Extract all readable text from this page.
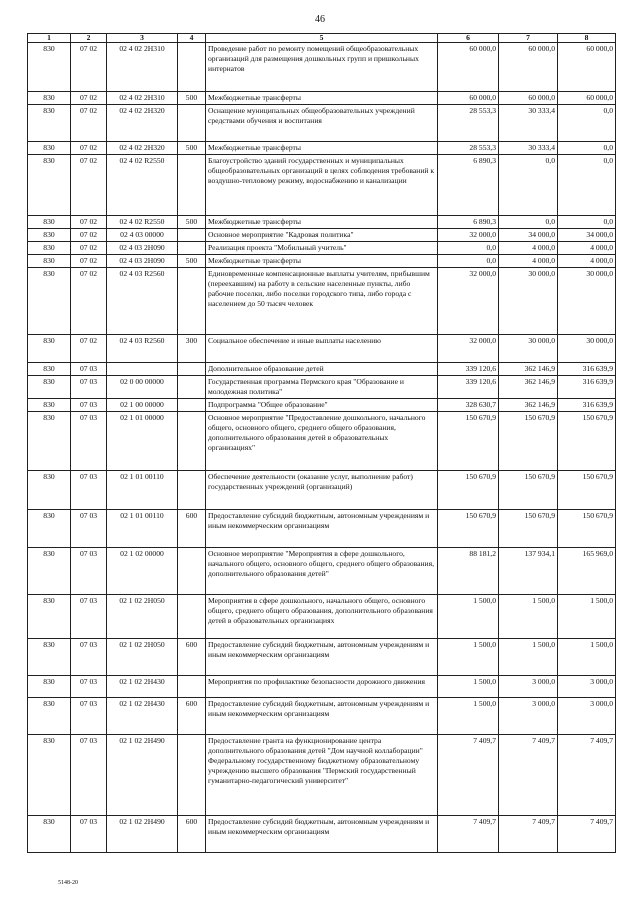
46
1	2	3	4	5	6	7	8
830	07 02	02 4 02 2Н310		Проведение работ по ремонту помещений общеобразовательных организаций для размещения дошкольных групп и пришкольных интернатов	60 000,0	60 000,0	60 000,0
830	07 02	02 4 02 2Н310	500	Межбюджетные трансферты	60 000,0	60 000,0	60 000,0
830	07 02	02 4 02 2Н320		Оснащение муниципальных общеобразовательных учреждений средствами обучения и воспитания	28 553,3	30 333,4	0,0
830	07 02	02 4 02 2Н320	500	Межбюджетные трансферты	28 553,3	30 333,4	0,0
830	07 02	02 4 02 R2550		Благоустройство зданий государственных и муниципальных общеобразовательных организаций в целях соблюдения требований к воздушно-тепловому режиму, водоснабжению и канализации	6 890,3	0,0	0,0
830	07 02	02 4 02 R2550	500	Межбюджетные трансферты	6 890,3	0,0	0,0
830	07 02	02 4 03 00000		Основное мероприятие "Кадровая политика"	32 000,0	34 000,0	34 000,0
830	07 02	02 4 03 2Н090		Реализация проекта "Мобильный учитель"	0,0	4 000,0	4 000,0
830	07 02	02 4 03 2Н090	500	Межбюджетные трансферты	0,0	4 000,0	4 000,0
830	07 02	02 4 03 R2560		Единовременные компенсационные выплаты учителям, прибывшим (переехавшим) на работу в сельские населенные пункты, либо рабочие поселки, либо поселки городского типа, либо города с населением до 50 тысяч человек	32 000,0	30 000,0	30 000,0
830	07 02	02 4 03 R2560	300	Социальное обеспечение и иные выплаты населению	32 000,0	30 000,0	30 000,0
830	07 03			Дополнительное образование детей	339 120,6	362 146,9	316 639,9
830	07 03	02 0 00 00000		Государственная программа Пермского края "Образование и молодежная политика"	339 120,6	362 146,9	316 639,9
830	07 03	02 1 00 00000		Подпрограмма "Общее образование"	328 630,7	362 146,9	316 639,9
830	07 03	02 1 01 00000		Основное мероприятие "Предоставление дошкольного, начального общего, основного общего, среднего общего образования, дополнительного образования детей в образовательных организациях"	150 670,9	150 670,9	150 670,9
830	07 03	02 1 01 00110		Обеспечение деятельности (оказание услуг, выполнение работ) государственных учреждений (организаций)	150 670,9	150 670,9	150 670,9
830	07 03	02 1 01 00110	600	Предоставление субсидий бюджетным, автономным учреждениям и иным некоммерческим организациям	150 670,9	150 670,9	150 670,9
830	07 03	02 1 02 00000		Основное мероприятие "Мероприятия в сфере дошкольного, начального общего, основного общего, среднего общего образования, дополнительного образования детей"	88 181,2	137 934,1	165 969,0
830	07 03	02 1 02 2Н050		Мероприятия в сфере дошкольного, начального общего, основного общего, среднего общего образования, дополнительного образования детей в образовательных организациях	1 500,0	1 500,0	1 500,0
830	07 03	02 1 02 2Н050	600	Предоставление субсидий бюджетным, автономным учреждениям и иным некоммерческим организациям	1 500,0	1 500,0	1 500,0
830	07 03	02 1 02 2Н430		Мероприятия по профилактике безопасности дорожного движения	1 500,0	3 000,0	3 000,0
830	07 03	02 1 02 2Н430	600	Предоставление субсидий бюджетным, автономным учреждениям и иным некоммерческим организациям	1 500,0	3 000,0	3 000,0
830	07 03	02 1 02 2Н490		Предоставление гранта на функционирование центра дополнительного образования детей "Дом научной коллаборации" Федеральному государственному бюджетному образовательному учреждению высшего образования "Пермский государственный гуманитарно-педагогический университет"	7 409,7	7 409,7	7 409,7
830	07 03	02 1 02 2Н490	600	Предоставление субсидий бюджетным, автономным учреждениям и иным некоммерческим организациям	7 409,7	7 409,7	7 409,7
5148-20
